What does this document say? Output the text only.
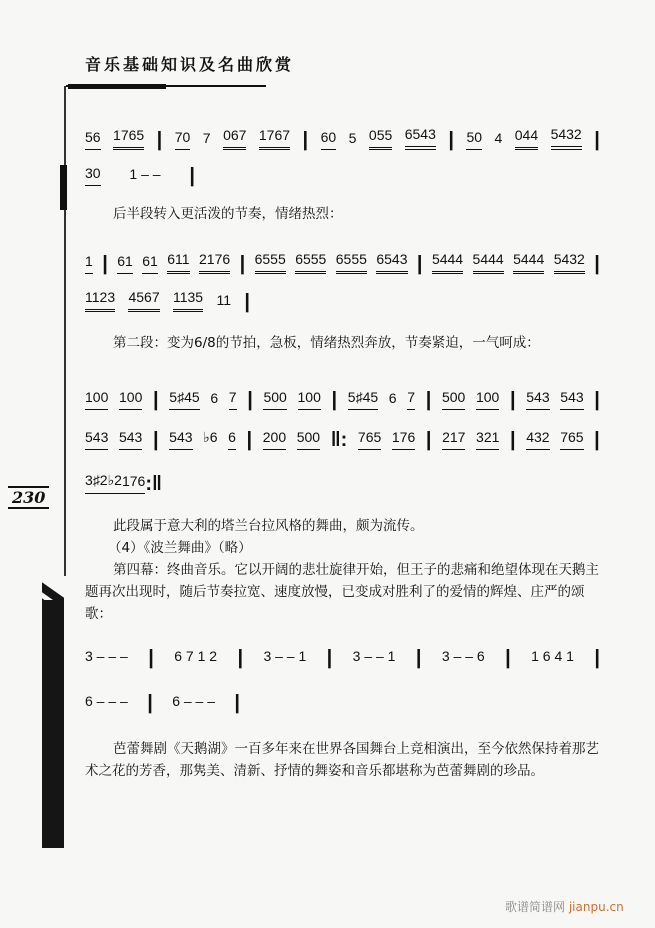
音乐基础知识及名曲欣赏
230
56 1765 | 70 7 067 1767 | 60 5 055 6543 | 50 4 044 5432 |
30 1 – – |
后半段转入更活泼的节奏，情绪热烈：
1 | 61 61 611 2176 | 6555 6555 6555 6543 | 5444 5444 5444 5432 |
1123 4567 1135 11 |
第二段：变为6/8的节拍，急板，情绪热烈奔放，节奏紧迫，一气呵成：
100 100 | 5♯45 6 7 | 500 100 | 5♯45 6 7 | 500 100 | 543 543 |
543 543 | 543 ♭6 6 | 200 500 ‖: 765 176 | 217 321 | 432 765 |
3♯2♭2 176 :‖
此段属于意大利的塔兰台拉风格的舞曲，颇为流传。
（4）《波兰舞曲》（略）
第四幕：终曲音乐。它以开阔的悲壮旋律开始，但王子的悲痛和绝望体现在天鹅主题再次出现时，随后节奏拉宽、速度放慢，已变成对胜利了的爱情的辉煌、庄严的颂歌：
3 – – – | 6 7 1 2 | 3 – – 1 | 3 – – 1 | 3 – – 6 | 1 6 4 1 |
6 – – – | 6 – – – |
芭蕾舞剧《天鹅湖》一百多年来在世界各国舞台上竞相演出，至今依然保持着那艺术之花的芳香，那隽美、清新、抒情的舞姿和音乐都堪称为芭蕾舞剧的珍品。
歌谱简谱网 jianpu.cn
